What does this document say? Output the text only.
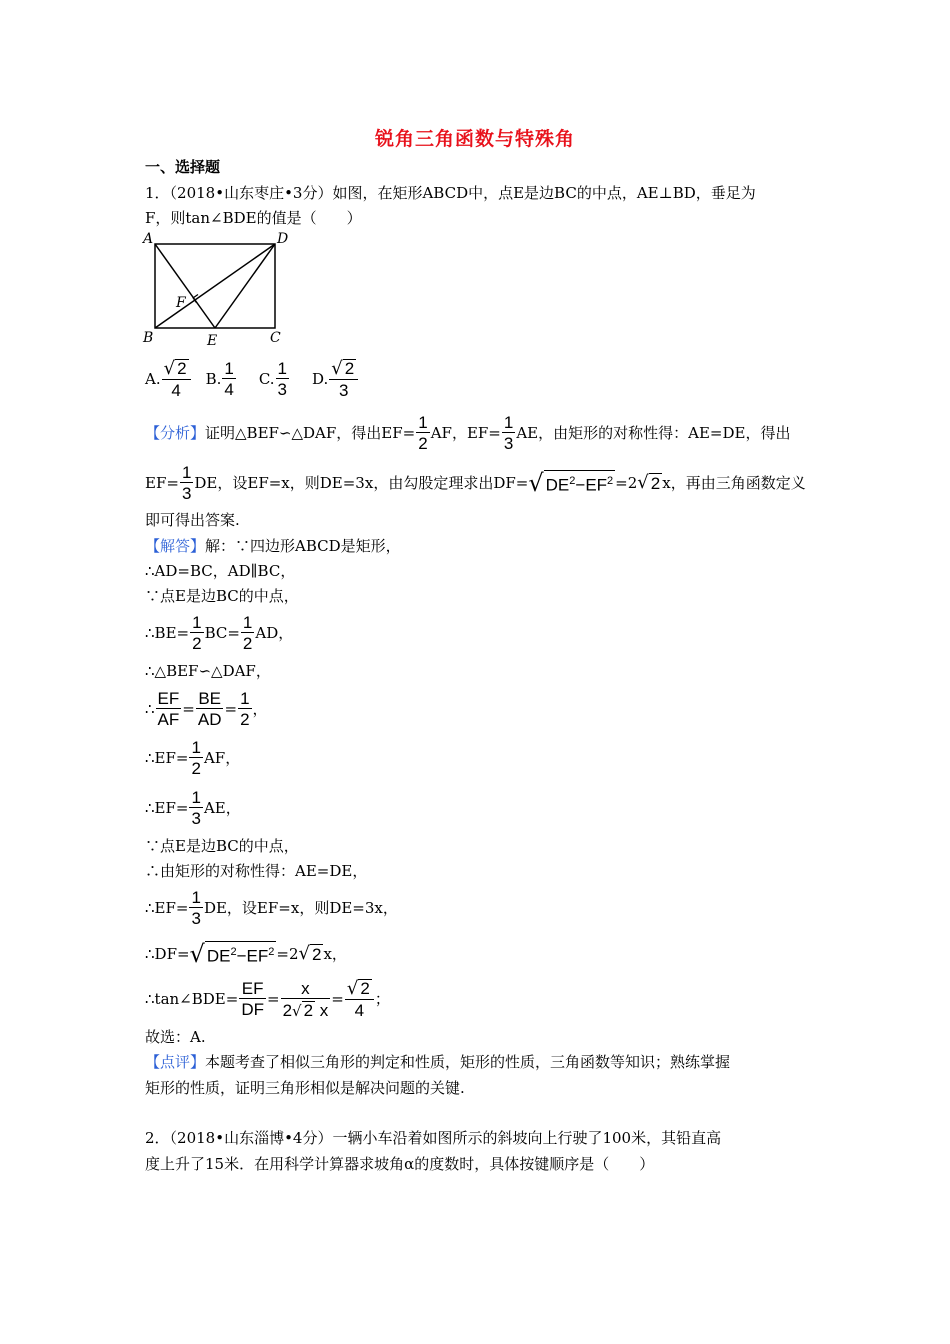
锐角三角函数与特殊角
一、选择题
1．（2018•山东枣庄•3分）如图，在矩形ABCD中，点E是边BC的中点，AE⊥BD，垂足为
F，则tan∠BDE的值是（　　）
A	D
B	C
E
F
A. $\frac{√ 2}{4} B$. $\frac{1}{4} C$. $\frac{1}{3} D$. $\frac{√ 2}{3}$
【分析】 证明△BEF∽△DAF，得出$EF= \frac{1}{2}$ AF，$EF= \frac{1}{3}$ AE，由矩形的对称性得：AE=DE，得出
$EF= \frac{1}{3}$ DE，设EF=x，则DE=3x，由勾股定理求出DF= √ $DE^2-EF^2 =2$ √ 2 x，再由三角函数定义
即可得出答案.
【解答】解：∵四边形ABCD是矩形，
∴AD=BC，AD∥BC，
∵点E是边BC的中点，
∴BE= $\frac{1}{2} BC= \frac{1}{2}$ AD，
∴△BEF∽△DAF，
∴ $\frac{EF}{AF} = \frac{BE}{AD} = \frac{1}{2}$ ，
∴EF= $\frac{1}{2}$ AF，
∴EF= $\frac{1}{3}$ AE，
∵点E是边BC的中点，
∴由矩形的对称性得：AE=DE，
∴EF= $\frac{1}{3}$ DE，设EF=x，则DE=3x，
∴DF= √ $DE^2-EF^2 =2$ √ 2 x，
∴tan∠BDE= $\frac{EF}{DF} = \frac{x}{2√ 2 x} = \frac{√ 2}{4}$ ；
故选：A.
【点评】本题考查了相似三角形的判定和性质，矩形的性质，三角函数等知识；熟练掌握
矩形的性质，证明三角形相似是解决问题的关键.
2．（2018•山东淄博•4分）一辆小车沿着如图所示的斜坡向上行驶了100米，其铅直高
度上升了15米．在用科学计算器求坡角α的度数时，具体按键顺序是（　　）
